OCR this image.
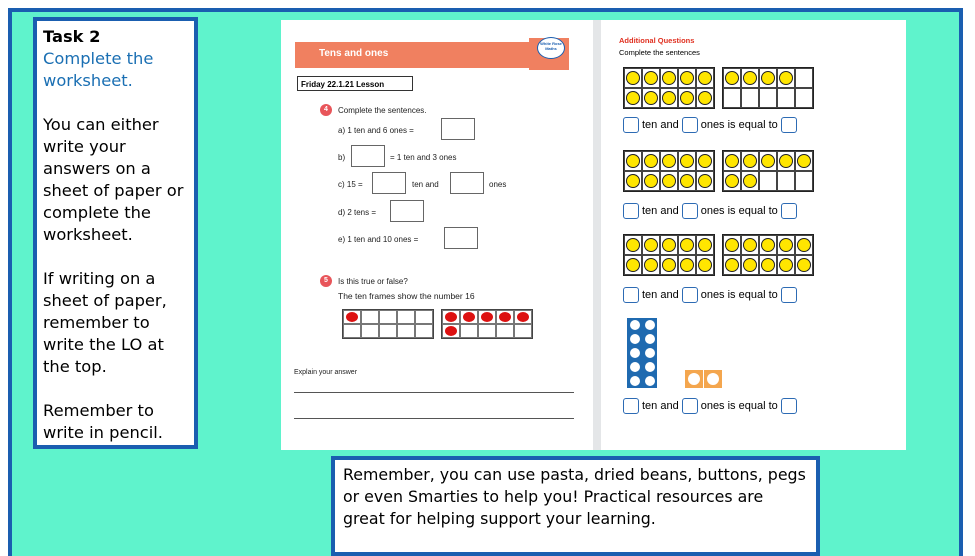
Task 2
Complete the worksheet.
You can either write your answers on a sheet of paper or complete the worksheet.
If writing on a sheet of paper, remember to write the LO at the top.
Remember to write in pencil.
Tens and ones
White Rose Maths
Friday 22.1.21 Lesson
4	Complete the sentences.
a) 1 ten and 6 ones =
b)	= 1 ten and 3 ones
c) 15 =	ten and	ones
d) 2 tens =
e) 1 ten and 10 ones =
5	Is this true or false?
The ten frames show the number 16
Explain your answer
Additional Questions
Complete the sentences
ten and ones is equal to
ten and ones is equal to
ten and ones is equal to
ten and ones is equal to
Remember, you can use pasta, dried beans, buttons, pegs or even Smarties to help you! Practical resources are great for helping support your learning.
